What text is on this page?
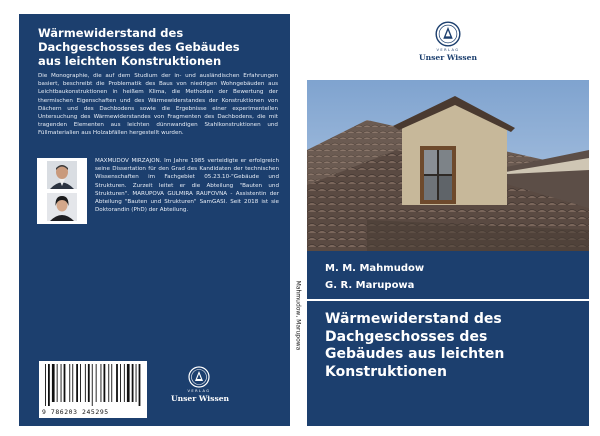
Wärmewiderstand des
Dachgeschosses des Gebäudes
aus leichten Konstruktionen

Die Monographie, die auf dem Studium der in- und ausländischen Erfahrungen basiert, beschreibt die Problematik des Baus von niedrigen Wohngebäuden aus Leichtbaukonstruktionen in heißem Klima, die Methoden der Bewertung der thermischen Eigenschaften und des Wärmewiderstandes der Konstruktionen von Dächern und des Dachbodens sowie die Ergebnisse einer experimentellen Untersuchung des Wärmewiderstandes von Fragmenten des Dachbodens, die mit tragenden Elementen aus leichten dünnwandigen Stahlkonstruktionen und Füllmaterialien aus Holzabfällen hergestellt wurden.

MAXMUDOV MIRZAJON. Im Jahre 1985 verteidigte er erfolgreich seine Dissertation für den Grad des Kandidaten der technischen Wissenschaften im Fachgebiet 05.23.10-"Gebäude und Strukturen. Zurzeit leitet er die Abteilung "Bauten und Strukturen". MARUPOVA GULMIRA RAUFOVNA - Assistentin der Abteilung "Bauten und Strukturen" SamGASI. Seit 2018 ist sie Doktorandin (PhD) der Abteilung.

9 786203 245295
VERLAG
Unser Wissen
Mahmudow, Marupowa
VERLAG
Unser Wissen
M. M. Mahmudow
G. R. Marupowa
Wärmewiderstand des
Dachgeschosses des
Gebäudes aus leichten
Konstruktionen
